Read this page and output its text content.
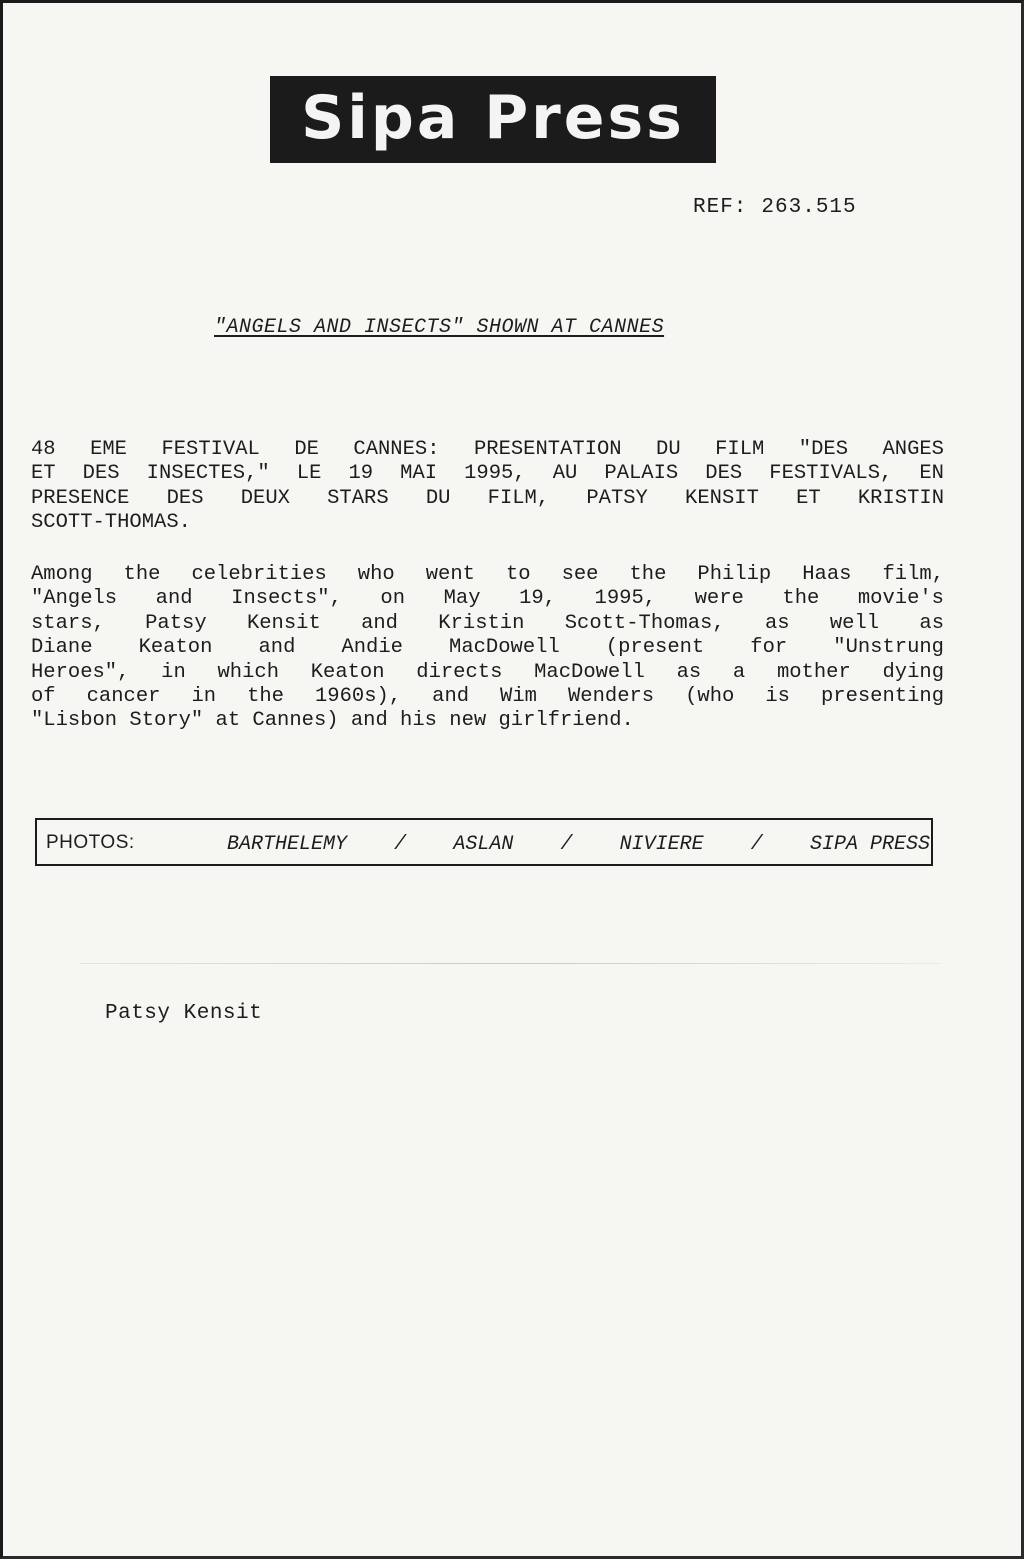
Sipa Press
REF: 263.515
"ANGELS AND INSECTS" SHOWN AT CANNES
48 EME FESTIVAL DE CANNES: PRESENTATION DU FILM "DES ANGES
ET DES INSECTES," LE 19 MAI 1995, AU PALAIS DES FESTIVALS, EN
PRESENCE DES DEUX STARS DU FILM, PATSY KENSIT ET KRISTIN
SCOTT-THOMAS.
Among the celebrities who went to see the Philip Haas film,
"Angels and Insects", on May 19, 1995, were the movie's
stars, Patsy Kensit and Kristin Scott-Thomas, as well as
Diane Keaton and Andie MacDowell (present for "Unstrung
Heroes", in which Keaton directs MacDowell as a mother dying
of cancer in the 1960s), and Wim Wenders (who is presenting
"Lisbon Story" at Cannes) and his new girlfriend.
PHOTOS:	BARTHELEMY / ASLAN / NIVIERE / SIPA PRESS
Patsy Kensit
